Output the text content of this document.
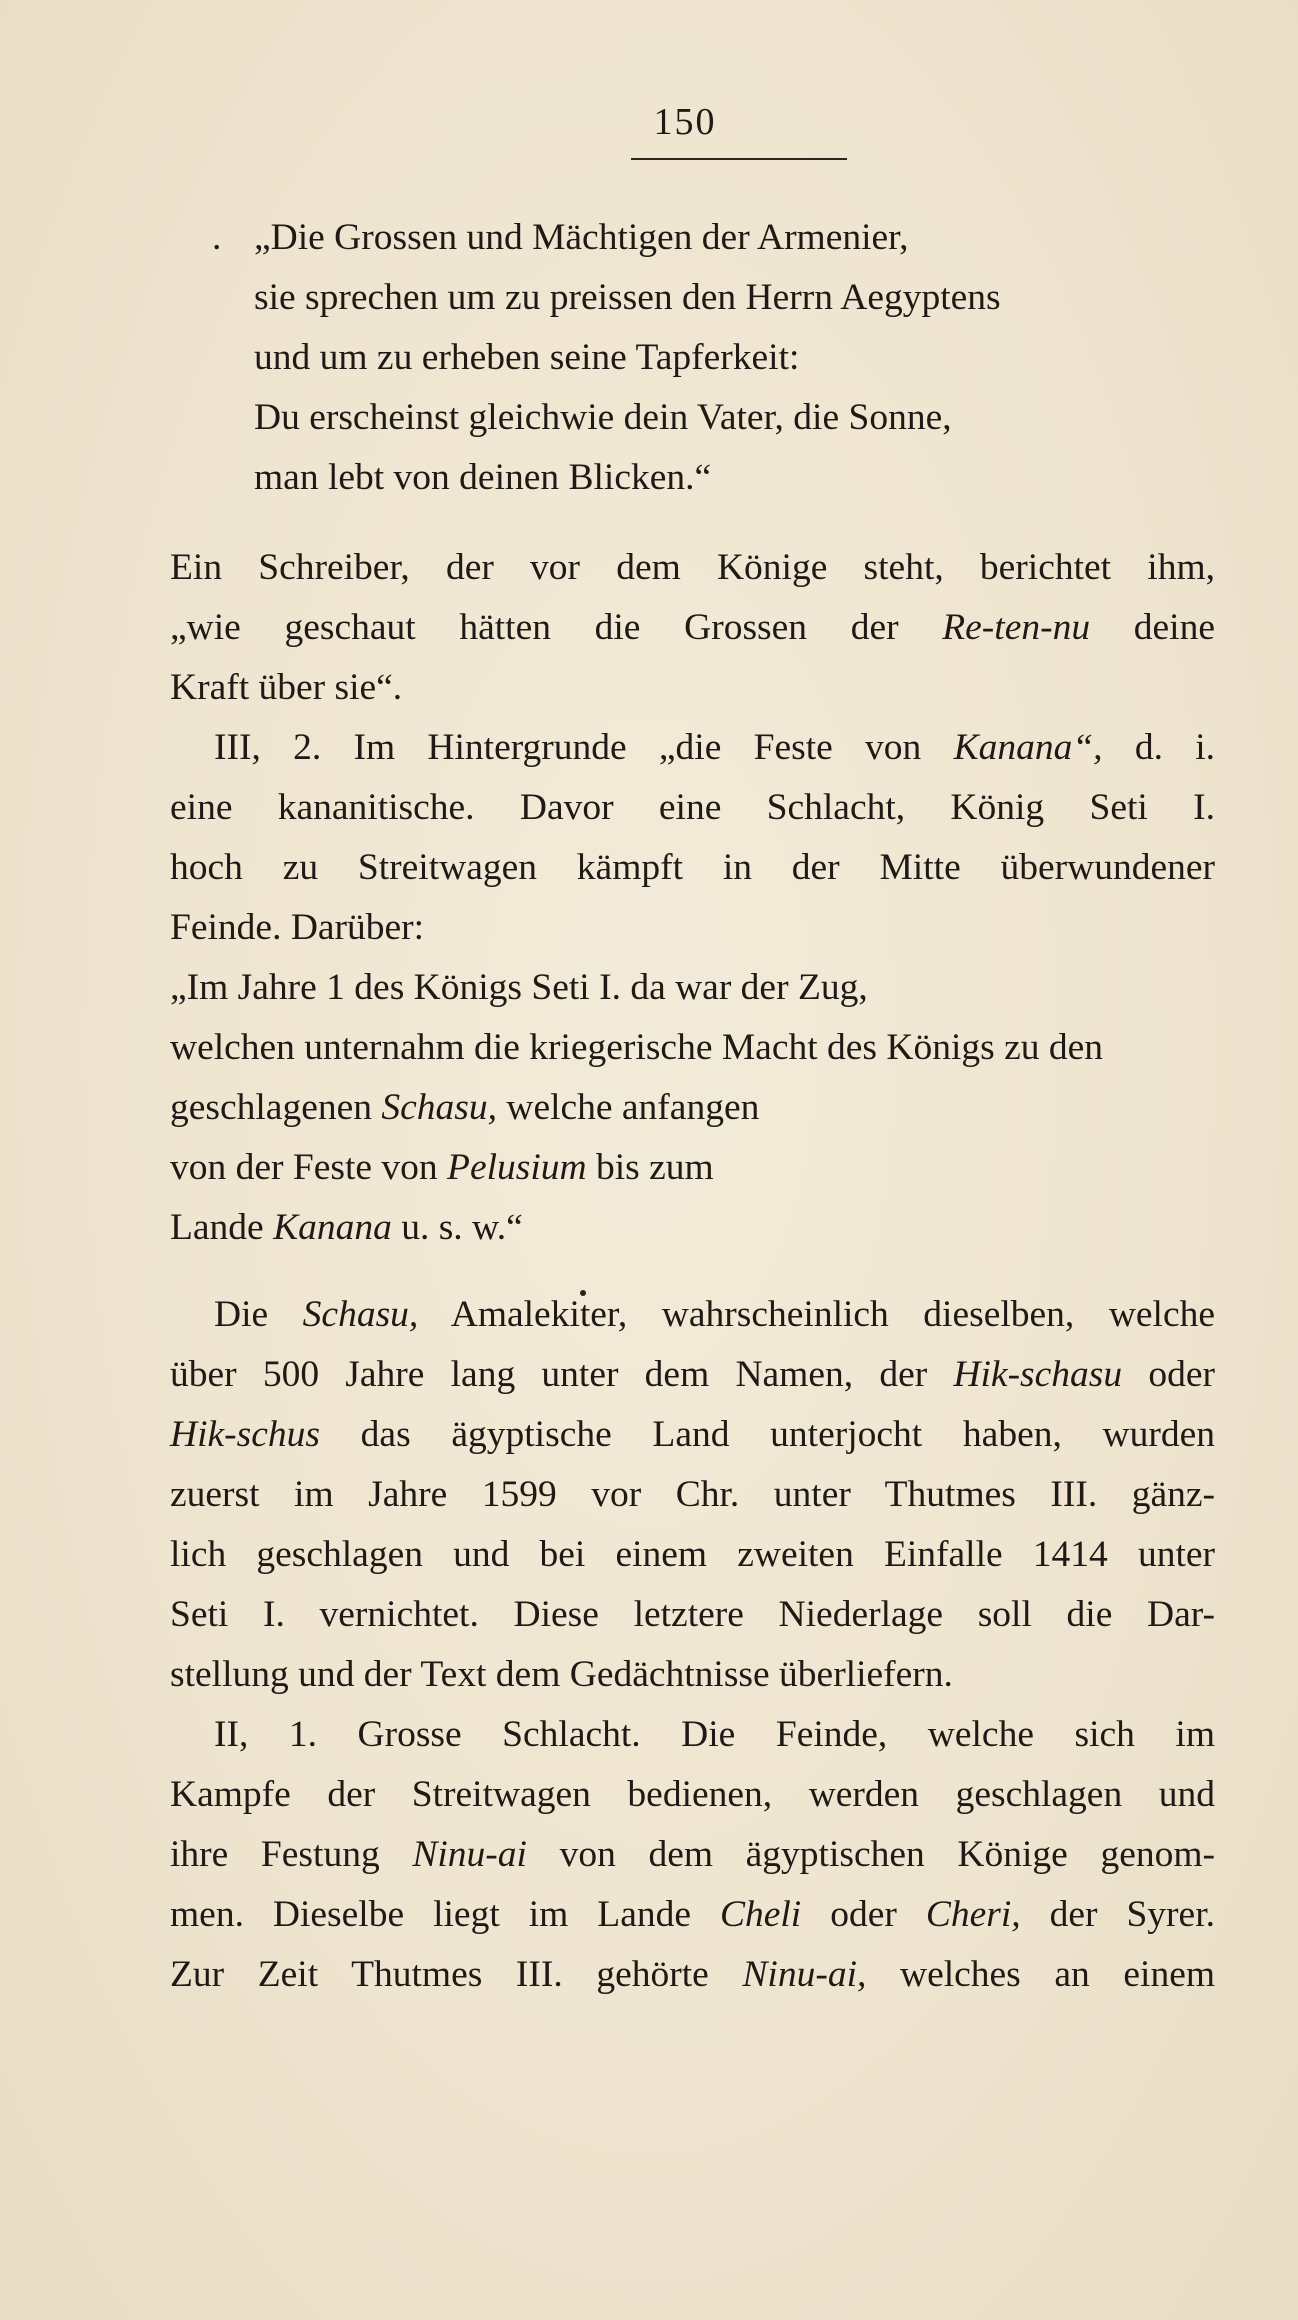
150
. „Die Grossen und Mächtigen der Armenier,
sie sprechen um zu preissen den Herrn Aegyptens
und um zu erheben seine Tapferkeit:
Du erscheinst gleichwie dein Vater, die Sonne,
man lebt von deinen Blicken.“
Ein Schreiber, der vor dem Könige steht, berichtet ihm,
„wie geschaut hätten die Grossen der Re-ten-nu deine
Kraft über sie“.
III, 2. Im Hintergrunde „die Feste von Kanana“, d. i.
eine kananitische. Davor eine Schlacht, König Seti I.
hoch zu Streitwagen kämpft in der Mitte überwundener
Feinde. Darüber:
„Im Jahre 1 des Königs Seti I. da war der Zug,
welchen unternahm die kriegerische Macht des Königs zu den
geschlagenen Schasu, welche anfangen
von der Feste von Pelusium bis zum
Lande Kanana u. s. w.“
Die Schasu, Amalekiter, wahrscheinlich dieselben, welche
über 500 Jahre lang unter dem Namen, der Hik-schasu oder
Hik-schus das ägyptische Land unterjocht haben, wurden
zuerst im Jahre 1599 vor Chr. unter Thutmes III. gänz-
lich geschlagen und bei einem zweiten Einfalle 1414 unter
Seti I. vernichtet. Diese letztere Niederlage soll die Dar-
stellung und der Text dem Gedächtnisse überliefern.
II, 1. Grosse Schlacht. Die Feinde, welche sich im
Kampfe der Streitwagen bedienen, werden geschlagen und
ihre Festung Ninu-ai von dem ägyptischen Könige genom-
men. Dieselbe liegt im Lande Cheli oder Cheri, der Syrer.
Zur Zeit Thutmes III. gehörte Ninu-ai, welches an einem
